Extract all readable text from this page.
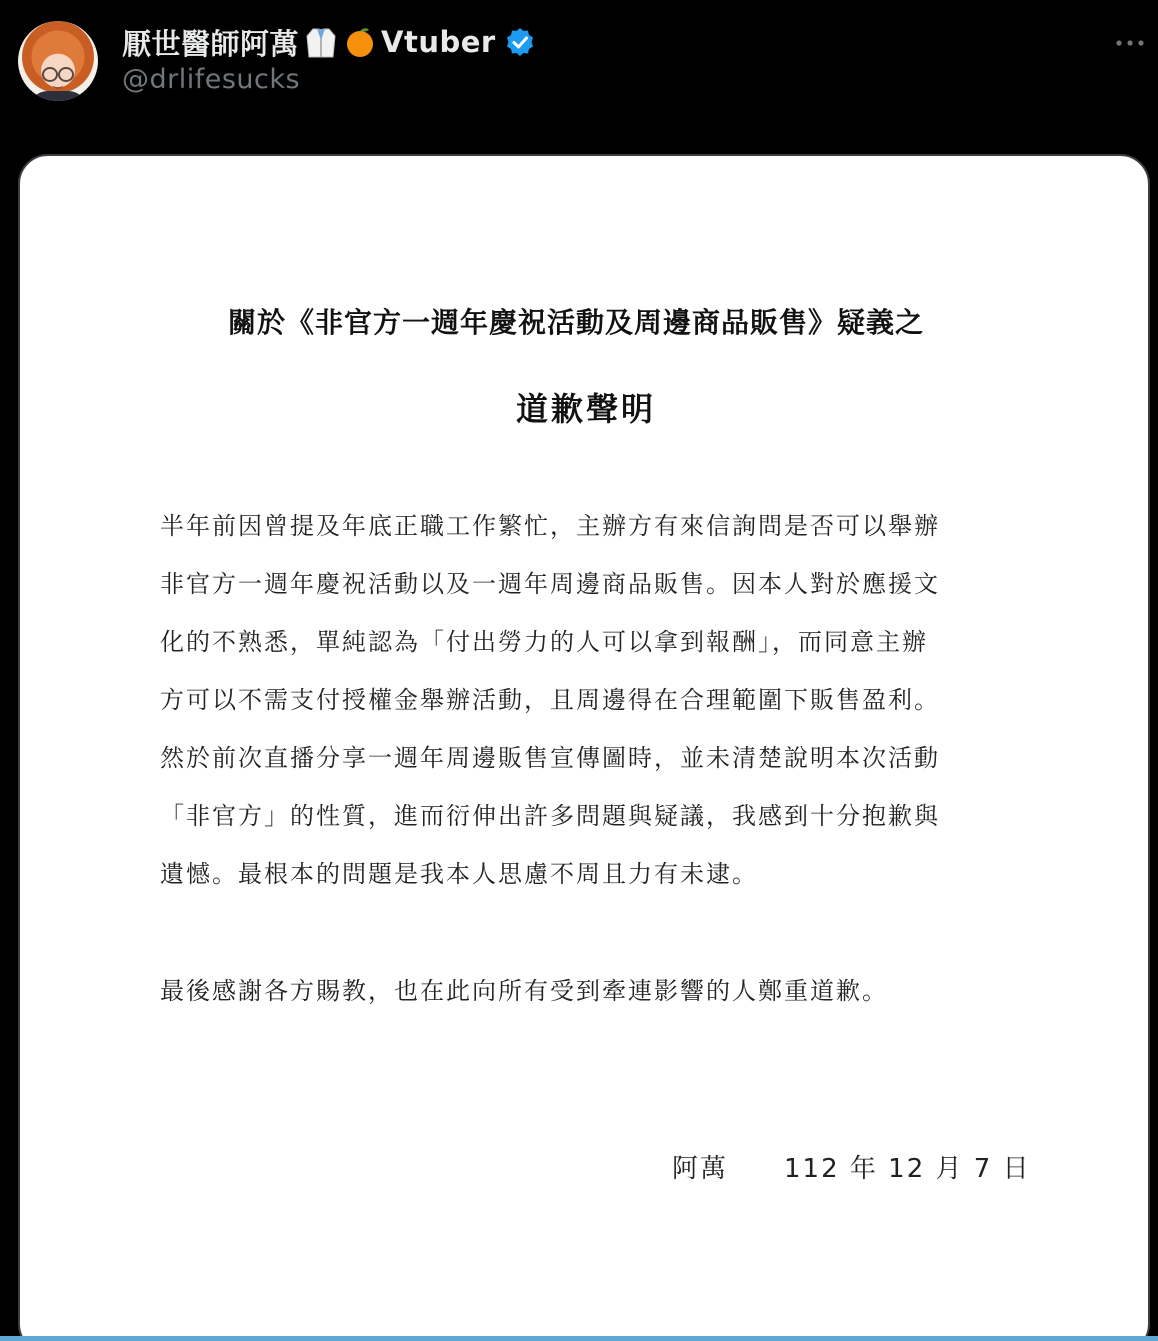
厭世醫師阿萬	Vtuber
@drlifesucks
關於《非官方一週年慶祝活動及周邊商品販售》疑義之
道歉聲明
半年前因曾提及年底正職工作繁忙，主辦方有來信詢問是否可以舉辦
非官方一週年慶祝活動以及一週年周邊商品販售。因本人對於應援文
化的不熟悉，單純認為「付出勞力的人可以拿到報酬」，而同意主辦
方可以不需支付授權金舉辦活動，且周邊得在合理範圍下販售盈利。
然於前次直播分享一週年周邊販售宣傳圖時，並未清楚說明本次活動
「非官方」的性質，進而衍伸出許多問題與疑議，我感到十分抱歉與
遺憾。最根本的問題是我本人思慮不周且力有未逮。
最後感謝各方賜教，也在此向所有受到牽連影響的人鄭重道歉。
阿萬 112 年 12 月 7 日
